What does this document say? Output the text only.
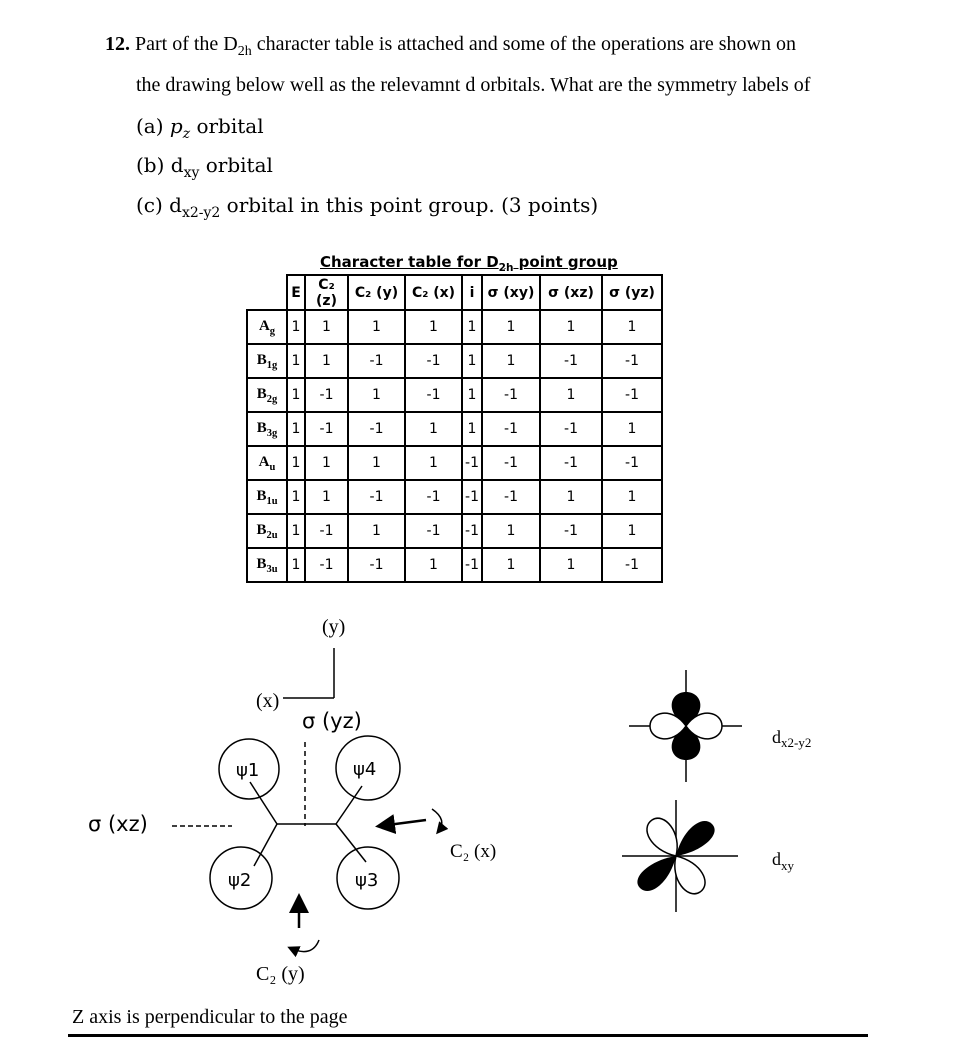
12. Part of the $D_{2h}$ character table is attached and some of the operations are shown on
the drawing below well as the relevamnt d orbitals. What are the symmetry labels of
(a) $p_z$ orbital
(b) $d_{xy}$ orbital
(c) $d_{x2-y2}$ orbital in this point group. (3 points)
Character table for $D_{2h}$ point group
	E	C₂ (z)	C₂ (y)	C₂ (x)	i	σ (xy)	σ (xz)	σ (yz)
$A_g$	1	1	1	1	1	1	1	1
$B_{1g}$	1	1	-1	-1	1	1	-1	-1
$B_{2g}$	1	-1	1	-1	1	-1	1	-1
$B_{3g}$	1	-1	-1	1	1	-1	-1	1
$A_u$	1	1	1	1	-1	-1	-1	-1
$B_{1u}$	1	1	-1	-1	-1	-1	1	1
$B_{2u}$	1	-1	1	-1	-1	1	-1	1
$B_{3u}$	1	-1	-1	1	-1	1	1	-1
(y)
(x)
σ (yz)
σ (xz)
ψ1	ψ4
ψ2	ψ3
C₂ (x)
C₂ (y)
$d_{x2-y2}$
$d_{xy}$
Z axis is perpendicular to the page
